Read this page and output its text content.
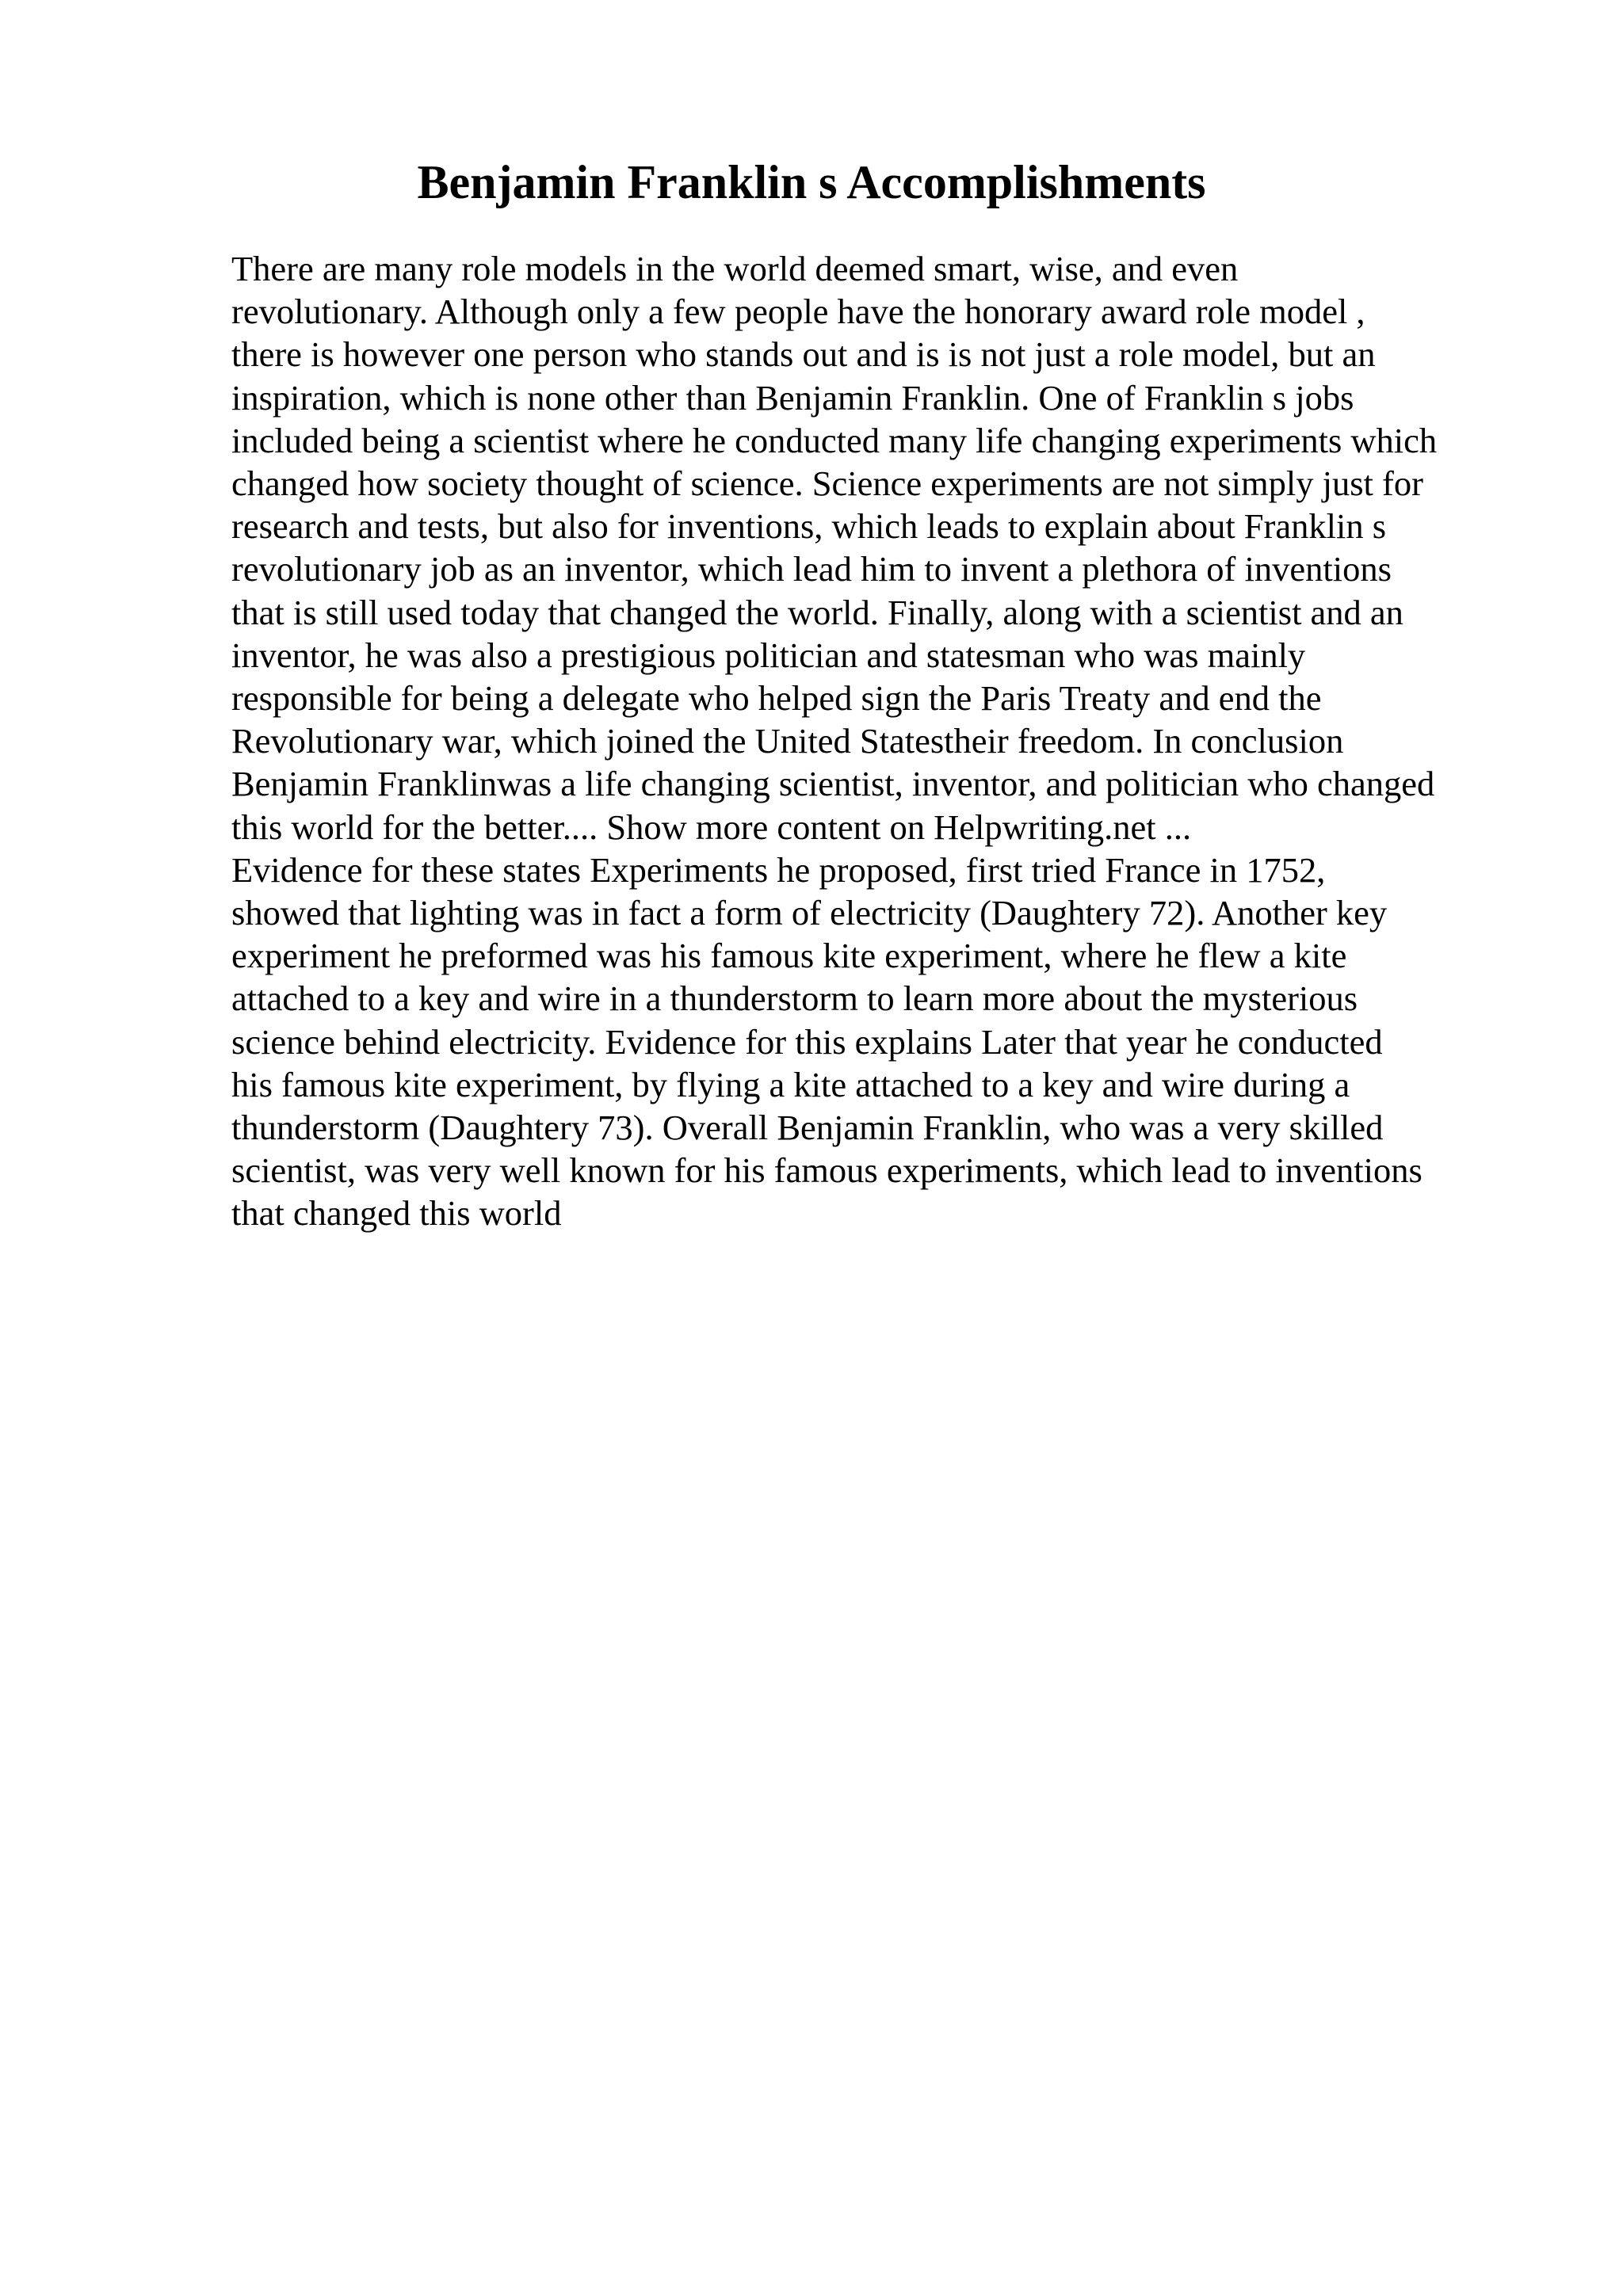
Benjamin Franklin s Accomplishments
There are many role models in the world deemed smart, wise, and even
revolutionary. Although only a few people have the honorary award role model ,
there is however one person who stands out and is is not just a role model, but an
inspiration, which is none other than Benjamin Franklin. One of Franklin s jobs
included being a scientist where he conducted many life changing experiments which
changed how society thought of science. Science experiments are not simply just for
research and tests, but also for inventions, which leads to explain about Franklin s
revolutionary job as an inventor, which lead him to invent a plethora of inventions
that is still used today that changed the world. Finally, along with a scientist and an
inventor, he was also a prestigious politician and statesman who was mainly
responsible for being a delegate who helped sign the Paris Treaty and end the
Revolutionary war, which joined the United Statestheir freedom. In conclusion
Benjamin Franklinwas a life changing scientist, inventor, and politician who changed
this world for the better.... Show more content on Helpwriting.net ...
Evidence for these states Experiments he proposed, first tried France in 1752,
showed that lighting was in fact a form of electricity (Daughtery 72). Another key
experiment he preformed was his famous kite experiment, where he flew a kite
attached to a key and wire in a thunderstorm to learn more about the mysterious
science behind electricity. Evidence for this explains Later that year he conducted
his famous kite experiment, by flying a kite attached to a key and wire during a
thunderstorm (Daughtery 73). Overall Benjamin Franklin, who was a very skilled
scientist, was very well known for his famous experiments, which lead to inventions
that changed this world
